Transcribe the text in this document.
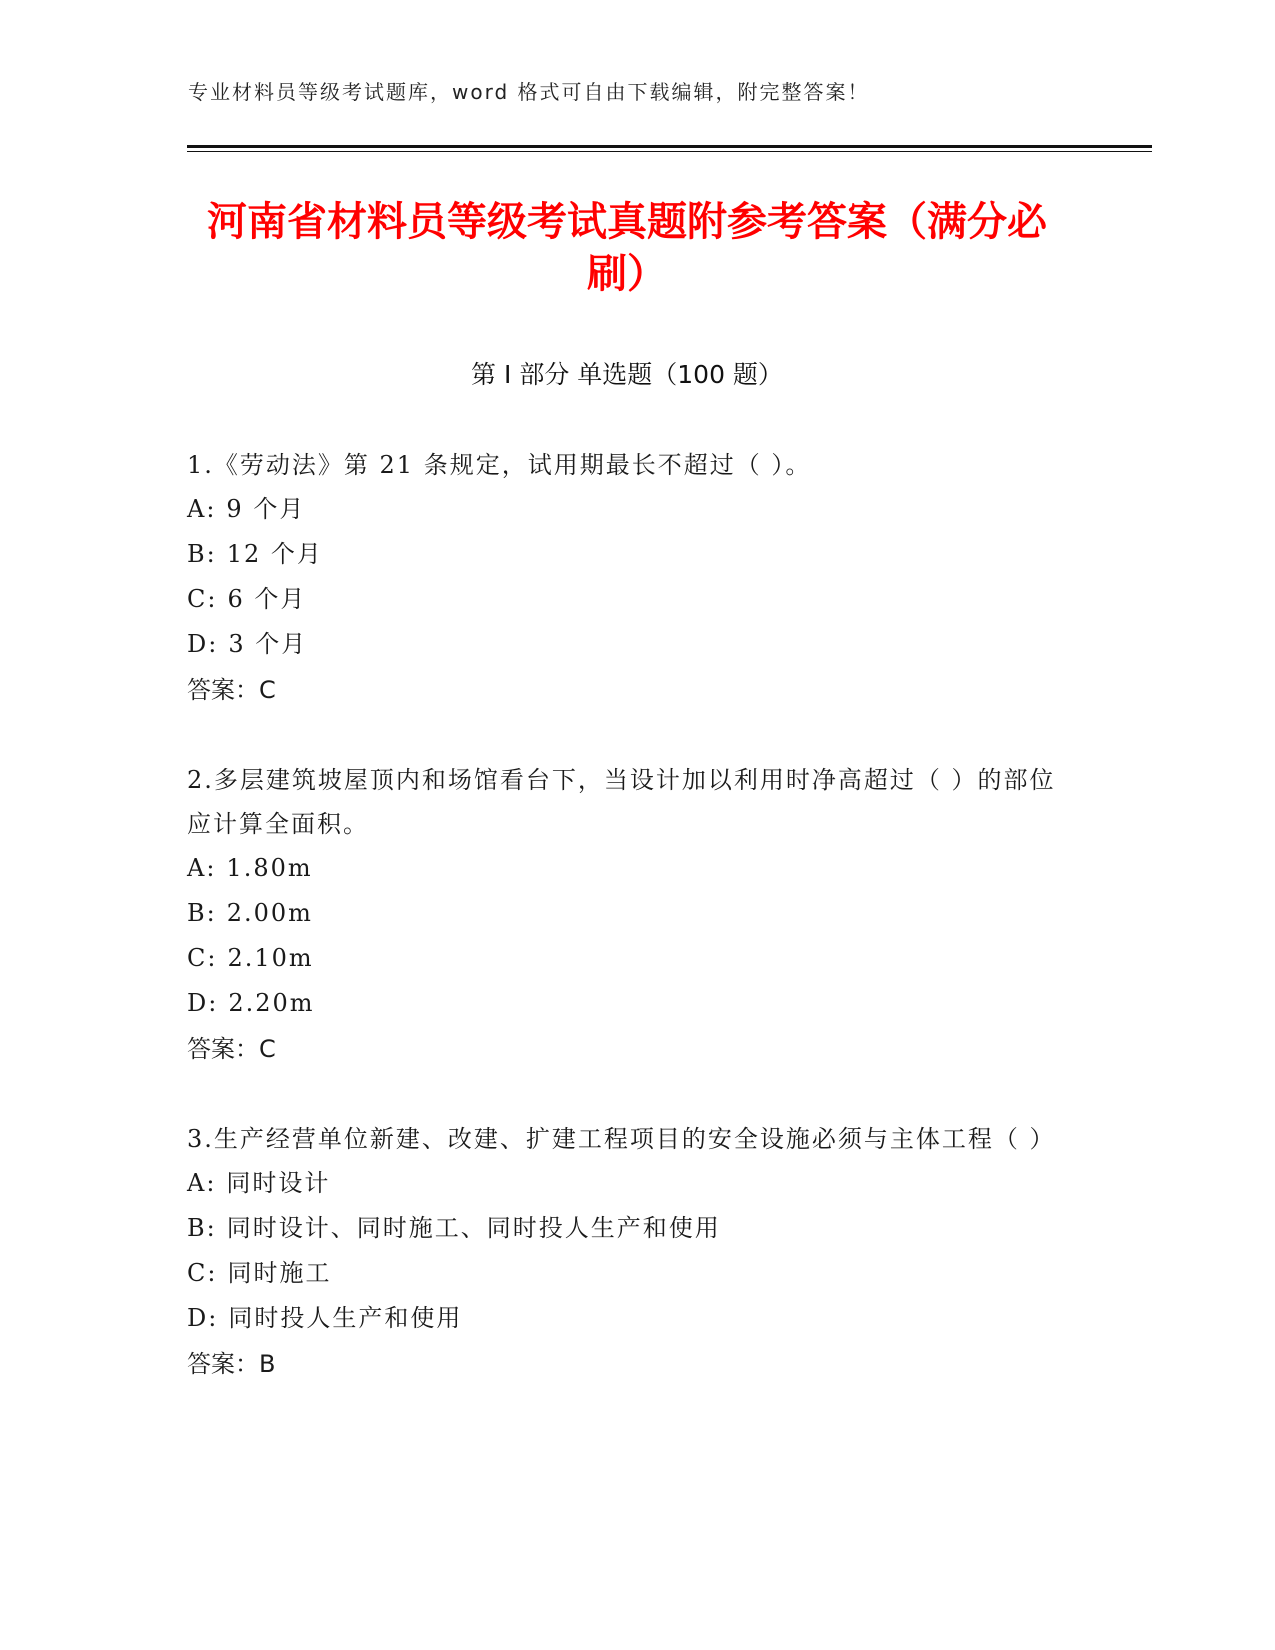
专业材料员等级考试题库，word 格式可自由下载编辑，附完整答案！
河南省材料员等级考试真题附参考答案（满分必刷）
第 I 部分 单选题（100 题）
1.《劳动法》第 21 条规定，试用期最长不超过（ ）。
A: 9 个月
B: 12 个月
C: 6 个月
D: 3 个月
答案：C
2.多层建筑坡屋顶内和场馆看台下，当设计加以利用时净高超过（ ）的部位应计算全面积。
A: 1.80m
B: 2.00m
C: 2.10m
D: 2.20m
答案：C
3.生产经营单位新建、改建、扩建工程项目的安全设施必须与主体工程（ ）
A: 同时设计
B: 同时设计、同时施工、同时投人生产和使用
C: 同时施工
D: 同时投人生产和使用
答案：B
